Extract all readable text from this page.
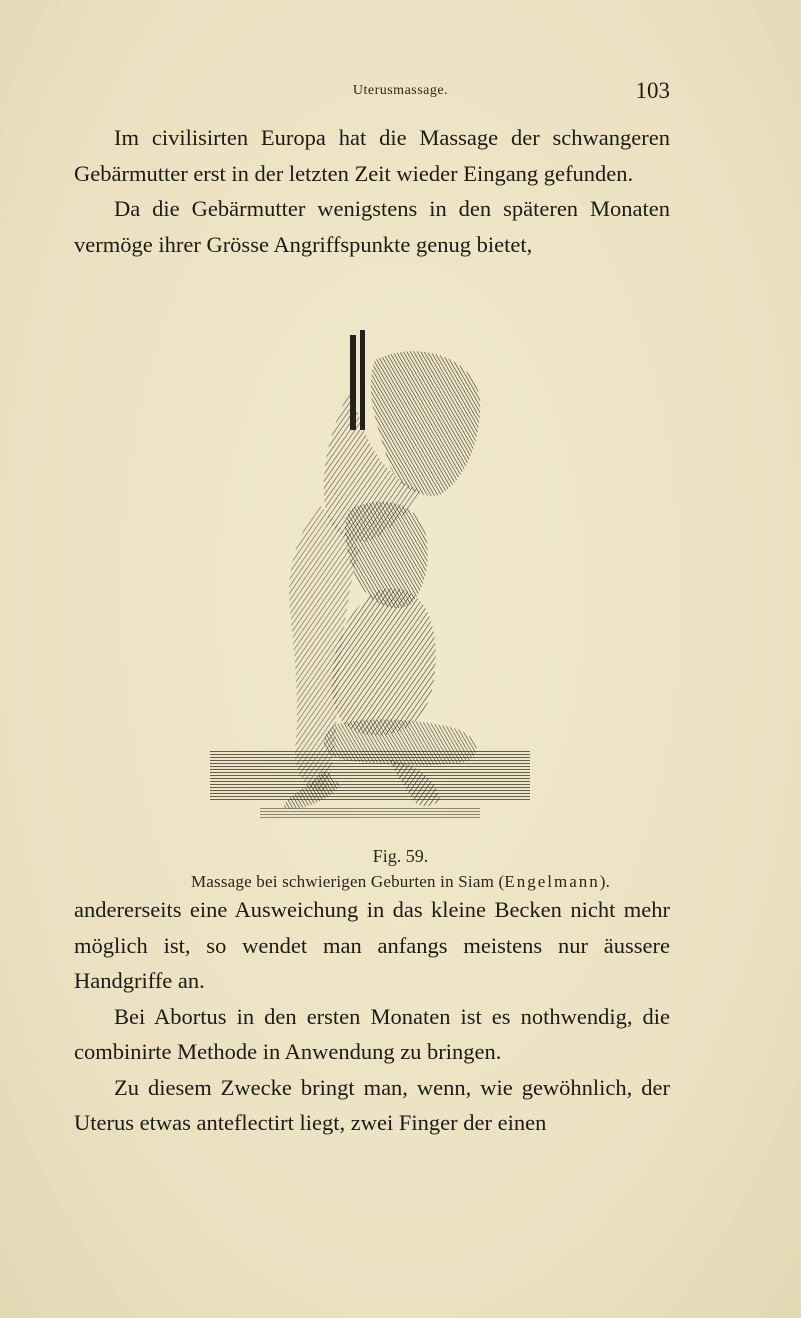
Uterusmassage.	103

Im civilisirten Europa hat die Massage der schwangeren Gebärmutter erst in der letzten Zeit wieder Eingang gefunden.

Da die Gebärmutter wenigstens in den späteren Monaten vermöge ihrer Grösse Angriffspunkte genug bietet,

Fig. 59.
Massage bei schwierigen Geburten in Siam (Engelmann).

andererseits eine Ausweichung in das kleine Becken nicht mehr möglich ist, so wendet man anfangs meistens nur äussere Handgriffe an.

Bei Abortus in den ersten Monaten ist es nothwendig, die combinirte Methode in Anwendung zu bringen.

Zu diesem Zwecke bringt man, wenn, wie gewöhnlich, der Uterus etwas anteflectirt liegt, zwei Finger der einen
